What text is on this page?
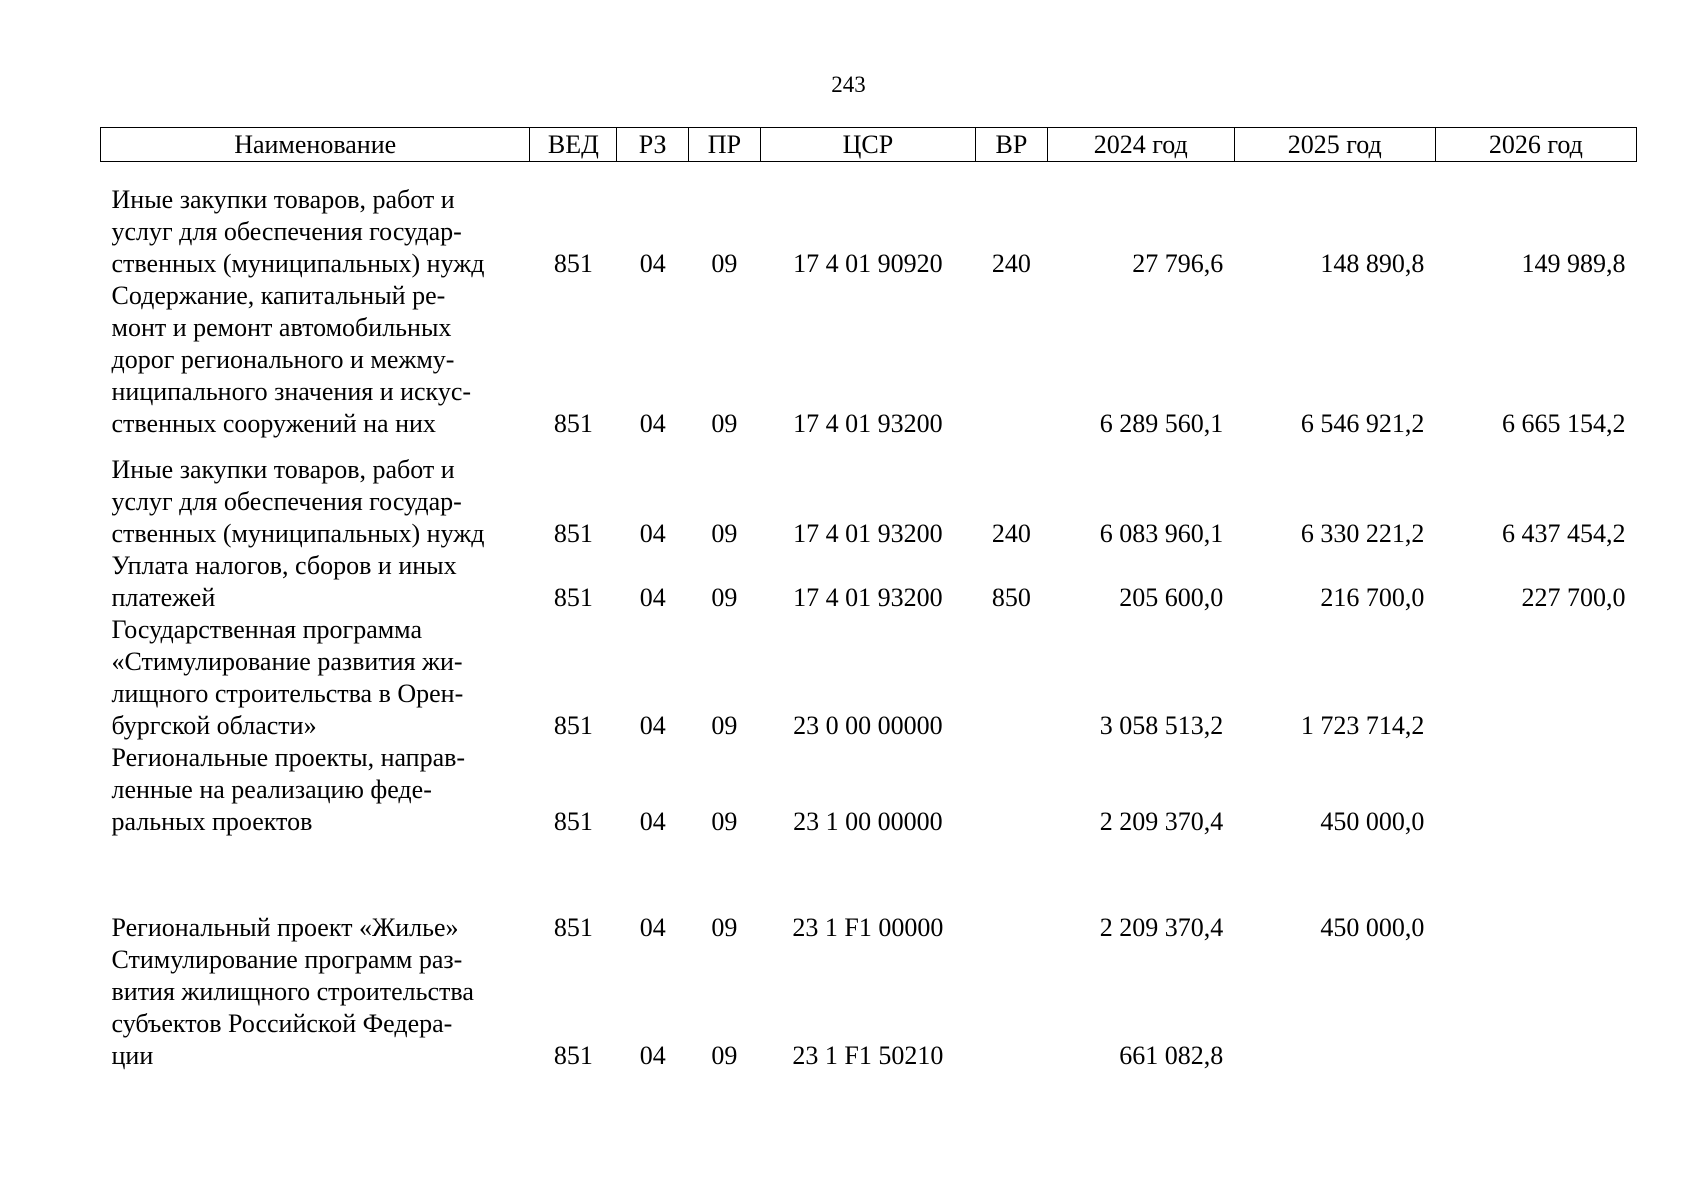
243
Наименование	ВЕД	РЗ	ПР	ЦСР	ВР	2024 год	2025 год	2026 год

Иные закупки товаров, работ и
услуг для обеспечения государ-
ственных (муниципальных) нужд	851	04	09	17 4 01 90920	240	27 796,6	148 890,8	149 989,8

Содержание, капитальный ре-
монт и ремонт автомобильных
дорог регионального и межму-
ниципального значения и искус-
ственных сооружений на них	851	04	09	17 4 01 93200		6 289 560,1	6 546 921,2	6 665 154,2

Иные закупки товаров, работ и
услуг для обеспечения государ-
ственных (муниципальных) нужд	851	04	09	17 4 01 93200	240	6 083 960,1	6 330 221,2	6 437 454,2

Уплата налогов, сборов и иных
платежей	851	04	09	17 4 01 93200	850	205 600,0	216 700,0	227 700,0

Государственная программа
«Стимулирование развития жи-
лищного строительства в Орен-
бургской области»	851	04	09	23 0 00 00000		3 058 513,2	1 723 714,2	

Региональные проекты, направ-
ленные на реализацию феде-
ральных проектов	851	04	09	23 1 00 00000		2 209 370,4	450 000,0	

Региональный проект «Жилье»	851	04	09	23 1 F1 00000		2 209 370,4	450 000,0	

Стимулирование программ раз-
вития жилищного строительства
субъектов Российской Федера-
ции	851	04	09	23 1 F1 50210		661 082,8		
